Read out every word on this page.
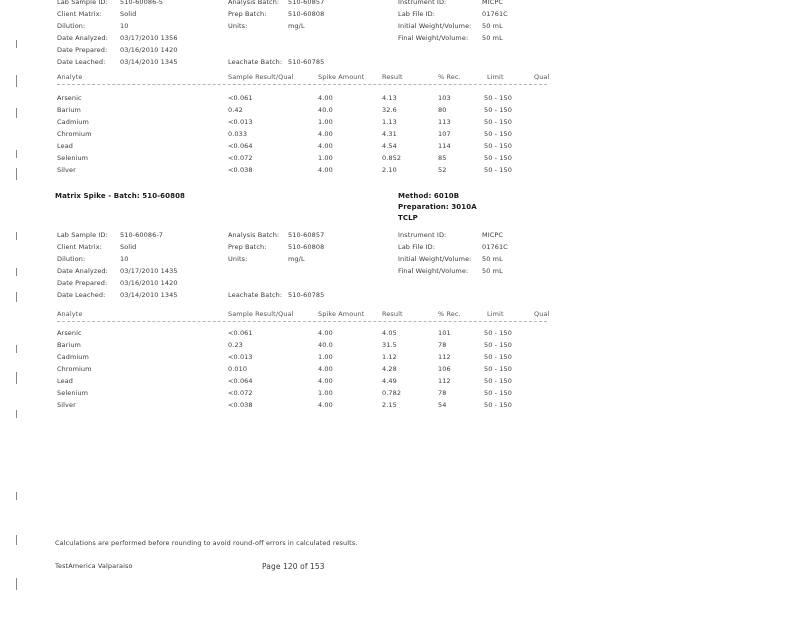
Lab Sample ID: 510-60086-5	Analysis Batch: 510-60857	Instrument ID:	MICPC
Client Matrix:	Solid	Prep Batch:	510-60808	Lab File ID:	01761C
Dilution:	10	Units:	mg/L	Initial Weight/Volume: 50 mL
Date Analyzed: 03/17/2010 1356	Final Weight/Volume: 50 mL
Date Prepared: 03/16/2010 1420
Date Leached: 03/14/2010 1345	Leachate Batch: 510-60785
Analyte	Sample Result/Qual	Spike Amount	Result	% Rec.	Limit	Qual
Arsenic	<0.061	4.00	4.13	103	50 - 150
Barium	0.42	40.0	32.6	80	50 - 150
Cadmium	<0.013	1.00	1.13	113	50 - 150
Chromium	0.033	4.00	4.31	107	50 - 150
Lead	<0.064	4.00	4.54	114	50 - 150
Selenium	<0.072	1.00	0.852	85	50 - 150
Silver	<0.038	4.00	2.10	52	50 - 150
Matrix Spike - Batch: 510-60808	Method: 6010B
Preparation: 3010A
TCLP
Lab Sample ID: 510-60086-7	Analysis Batch: 510-60857	Instrument ID:	MICPC
Client Matrix:	Solid	Prep Batch:	510-60808	Lab File ID:	01761C
Dilution:	10	Units:	mg/L	Initial Weight/Volume: 50 mL
Date Analyzed: 03/17/2010 1435	Final Weight/Volume: 50 mL
Date Prepared: 03/16/2010 1420
Date Leached: 03/14/2010 1345	Leachate Batch: 510-60785
Analyte	Sample Result/Qual	Spike Amount	Result	% Rec.	Limit	Qual
Arsenic	<0.061	4.00	4.05	101	50 - 150
Barium	0.23	40.0	31.5	78	50 - 150
Cadmium	<0.013	1.00	1.12	112	50 - 150
Chromium	0.010	4.00	4.28	106	50 - 150
Lead	<0.064	4.00	4.49	112	50 - 150
Selenium	<0.072	1.00	0.782	78	50 - 150
Silver	<0.038	4.00	2.15	54	50 - 150
Calculations are performed before rounding to avoid round-off errors in calculated results.
TestAmerica Valparaiso	Page 120 of 153
